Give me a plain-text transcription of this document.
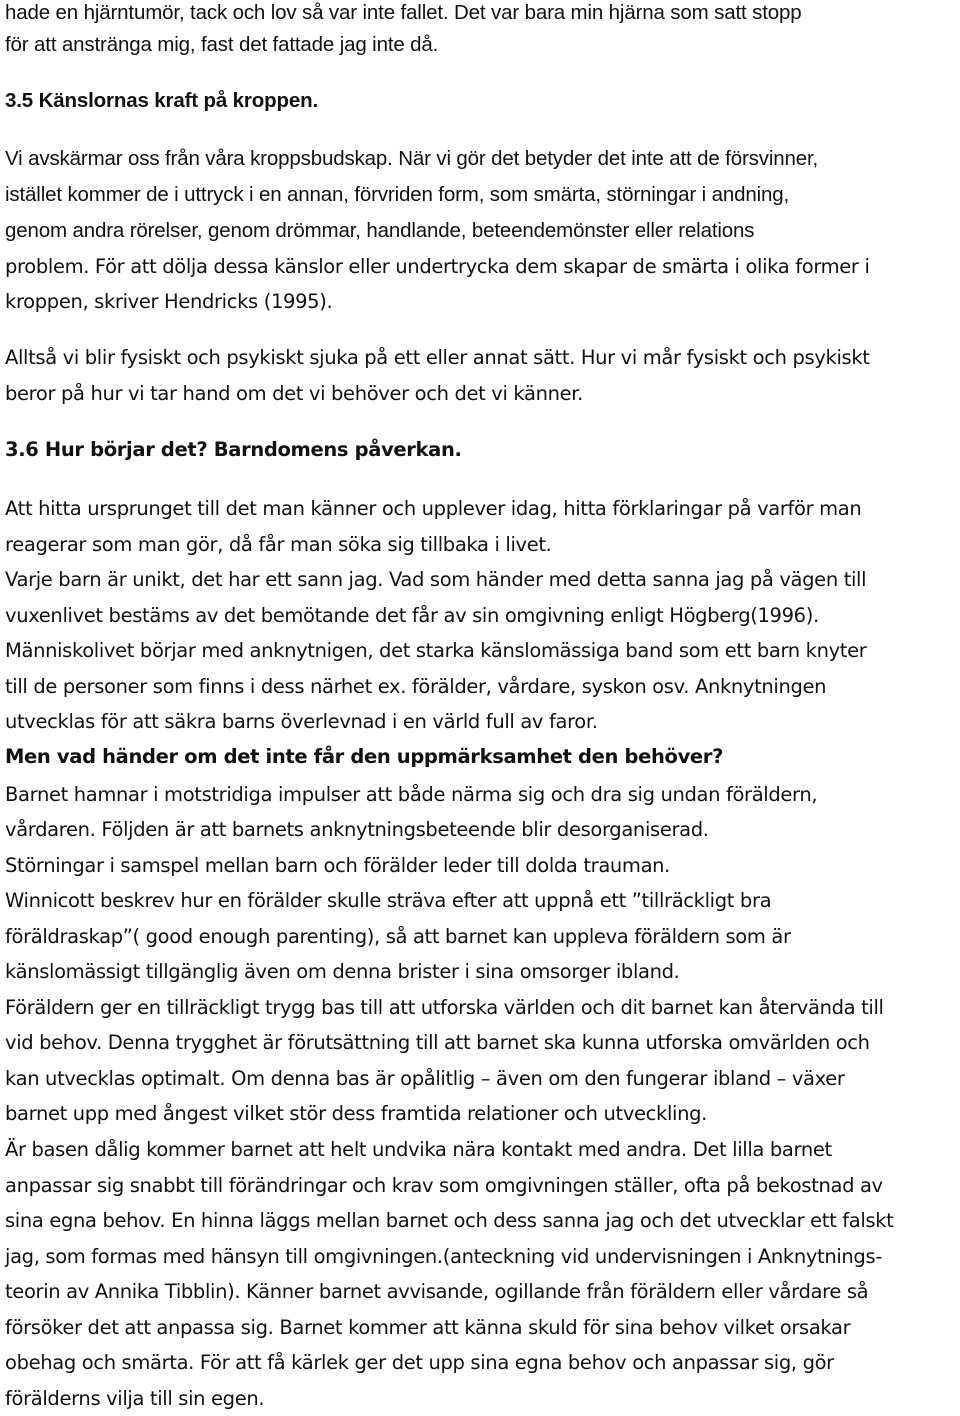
hade en hjärntumör, tack och lov så var inte fallet. Det var bara min hjärna som satt stopp
för att anstränga mig, fast det fattade jag inte då.
3.5 Känslornas kraft på kroppen.
Vi avskärmar oss från våra kroppsbudskap. När vi gör det betyder det inte att de försvinner,
istället kommer de i uttryck i en annan, förvriden form, som smärta, störningar i andning,
genom andra rörelser, genom drömmar, handlande, beteendemönster eller relations
problem. För att dölja dessa känslor eller undertrycka dem skapar de smärta i olika former i
kroppen, skriver Hendricks (1995).
Alltså vi blir fysiskt och psykiskt sjuka på ett eller annat sätt. Hur vi mår fysiskt och psykiskt
beror på hur vi tar hand om det vi behöver och det vi känner.
3.6 Hur börjar det? Barndomens påverkan.
Att hitta ursprunget till det man känner och upplever idag, hitta förklaringar på varför man
reagerar som man gör, då får man söka sig tillbaka i livet.
Varje barn är unikt, det har ett sann jag. Vad som händer med detta sanna jag på vägen till
vuxenlivet bestäms av det bemötande det får av sin omgivning enligt Högberg(1996).
Människolivet börjar med anknytnigen, det starka känslomässiga band som ett barn knyter
till de personer som finns i dess närhet ex. förälder, vårdare, syskon osv. Anknytningen
utvecklas för att säkra barns överlevnad i en värld full av faror.
Men vad händer om det inte får den uppmärksamhet den behöver?
Barnet hamnar i motstridiga impulser att både närma sig och dra sig undan föräldern,
vårdaren. Följden är att barnets anknytningsbeteende blir desorganiserad.
Störningar i samspel mellan barn och förälder leder till dolda trauman.
Winnicott beskrev hur en förälder skulle sträva efter att uppnå ett ”tillräckligt bra
föräldraskap”( good enough parenting), så att barnet kan uppleva föräldern som är
känslomässigt tillgänglig även om denna brister i sina omsorger ibland.
Föräldern ger en tillräckligt trygg bas till att utforska världen och dit barnet kan återvända till
vid behov. Denna trygghet är förutsättning till att barnet ska kunna utforska omvärlden och
kan utvecklas optimalt. Om denna bas är opålitlig – även om den fungerar ibland – växer
barnet upp med ångest vilket stör dess framtida relationer och utveckling.
Är basen dålig kommer barnet att helt undvika nära kontakt med andra. Det lilla barnet
anpassar sig snabbt till förändringar och krav som omgivningen ställer, ofta på bekostnad av
sina egna behov. En hinna läggs mellan barnet och dess sanna jag och det utvecklar ett falskt
jag, som formas med hänsyn till omgivningen.(anteckning vid undervisningen i Anknytnings-
teorin av Annika Tibblin). Känner barnet avvisande, ogillande från föräldern eller vårdare så
försöker det att anpassa sig. Barnet kommer att känna skuld för sina behov vilket orsakar
obehag och smärta. För att få kärlek ger det upp sina egna behov och anpassar sig, gör
förälderns vilja till sin egen.
